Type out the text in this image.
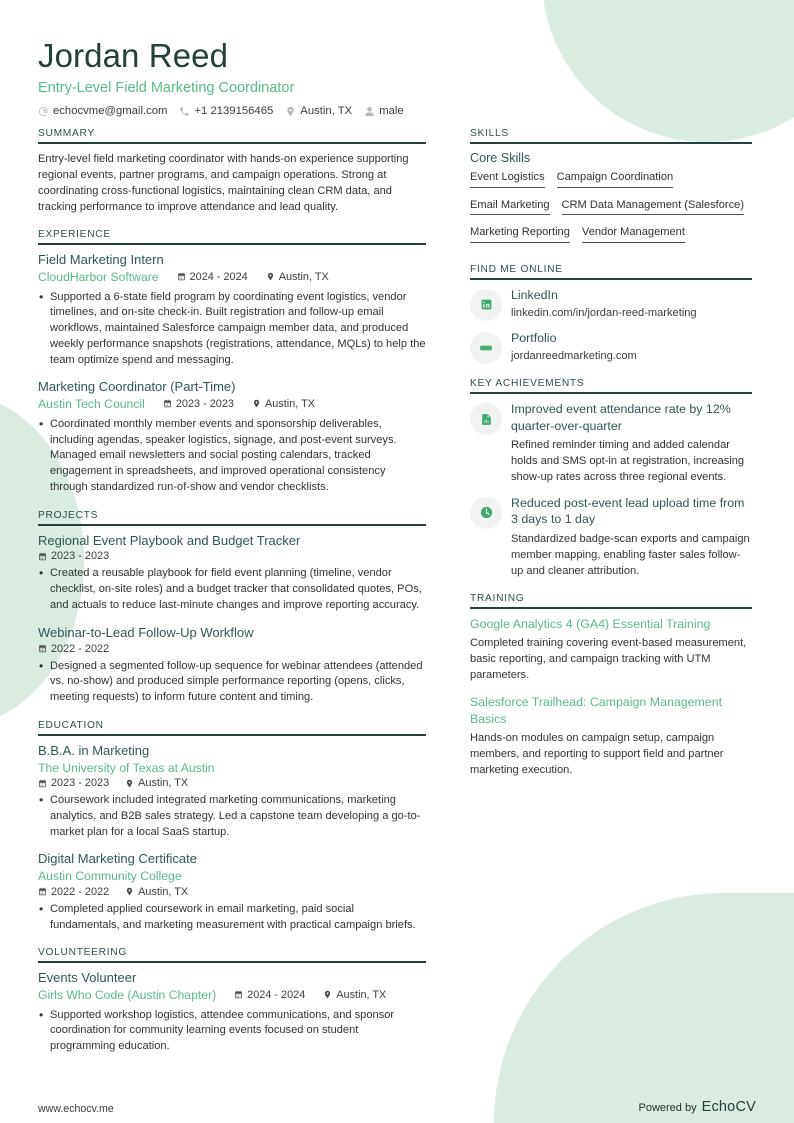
Jordan Reed
Entry-Level Field Marketing Coordinator
echocvme@gmail.com +1 2139156465 Austin, TX male
SUMMARY
Entry-level field marketing coordinator with hands-on experience supporting regional events, partner programs, and campaign operations. Strong at coordinating cross-functional logistics, maintaining clean CRM data, and tracking performance to improve attendance and lead quality.
EXPERIENCE
Field Marketing Intern
CloudHarbor Software	2024 - 2024	Austin, TX
• Supported a 6-state field program by coordinating event logistics, vendor timelines, and on-site check-in. Built registration and follow-up email workflows, maintained Salesforce campaign member data, and produced weekly performance snapshots (registrations, attendance, MQLs) to help the team optimize spend and messaging.
Marketing Coordinator (Part-Time)
Austin Tech Council	2023 - 2023	Austin, TX
• Coordinated monthly member events and sponsorship deliverables, including agendas, speaker logistics, signage, and post-event surveys. Managed email newsletters and social posting calendars, tracked engagement in spreadsheets, and improved operational consistency through standardized run-of-show and vendor checklists.
PROJECTS
Regional Event Playbook and Budget Tracker
2023 - 2023
• Created a reusable playbook for field event planning (timeline, vendor checklist, on-site roles) and a budget tracker that consolidated quotes, POs, and actuals to reduce last-minute changes and improve reporting accuracy.
Webinar-to-Lead Follow-Up Workflow
2022 - 2022
• Designed a segmented follow-up sequence for webinar attendees (attended vs. no-show) and produced simple performance reporting (opens, clicks, meeting requests) to inform future content and timing.
EDUCATION
B.B.A. in Marketing
The University of Texas at Austin
2023 - 2023	Austin, TX
• Coursework included integrated marketing communications, marketing analytics, and B2B sales strategy. Led a capstone team developing a go-to-market plan for a local SaaS startup.
Digital Marketing Certificate
Austin Community College
2022 - 2022	Austin, TX
• Completed applied coursework in email marketing, paid social fundamentals, and marketing measurement with practical campaign briefs.
VOLUNTEERING
Events Volunteer
Girls Who Code (Austin Chapter)	2024 - 2024	Austin, TX
• Supported workshop logistics, attendee communications, and sponsor coordination for community learning events focused on student programming education.
SKILLS
Core Skills
Event Logistics Campaign Coordination
Email Marketing CRM Data Management (Salesforce)
Marketing Reporting Vendor Management
FIND ME ONLINE
LinkedIn
linkedin.com/in/jordan-reed-marketing
Portfolio
jordanreedmarketing.com
KEY ACHIEVEMENTS
Improved event attendance rate by 12% quarter-over-quarter
Refined reminder timing and added calendar holds and SMS opt-in at registration, increasing show-up rates across three regional events.
Reduced post-event lead upload time from 3 days to 1 day
Standardized badge-scan exports and campaign member mapping, enabling faster sales follow-up and cleaner attribution.
TRAINING
Google Analytics 4 (GA4) Essential Training
Completed training covering event-based measurement, basic reporting, and campaign tracking with UTM parameters.
Salesforce Trailhead: Campaign Management Basics
Hands-on modules on campaign setup, campaign members, and reporting to support field and partner marketing execution.
www.echocv.me	Powered by EchoCV
